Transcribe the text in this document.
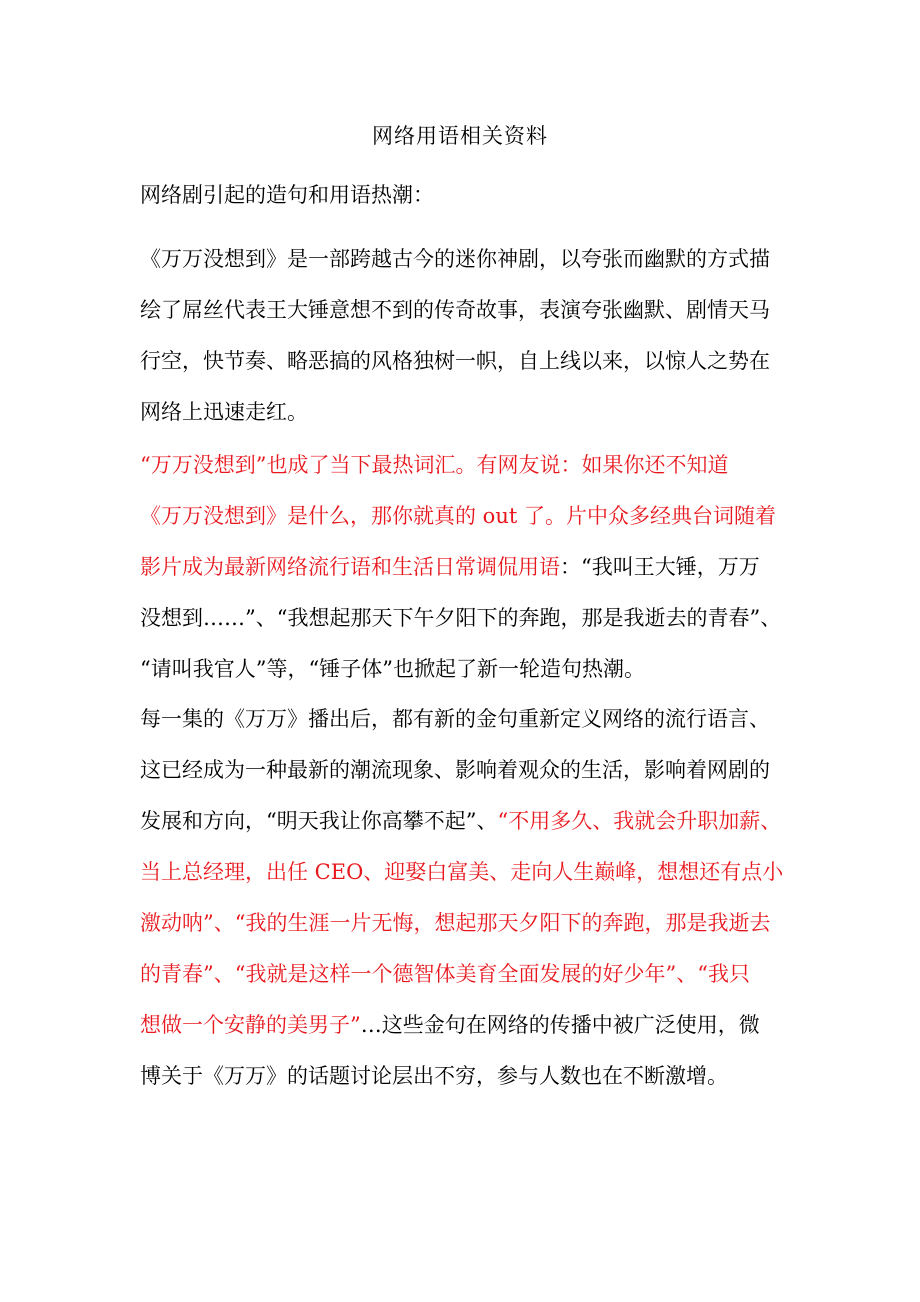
网络用语相关资料

网络剧引起的造句和用语热潮：

《万万没想到》是一部跨越古今的迷你神剧，以夸张而幽默的方式描
绘了屌丝代表王大锤意想不到的传奇故事，表演夸张幽默、剧情天马
行空，快节奏、略恶搞的风格独树一帜，自上线以来，以惊人之势在
网络上迅速走红。

“万万没想到”也成了当下最热词汇。有网友说：如果你还不知道
《万万没想到》是什么，那你就真的 out 了。片中众多经典台词随着
影片成为最新网络流行语和生活日常调侃用语：“我叫王大锤，万万
没想到……”、“我想起那天下午夕阳下的奔跑，那是我逝去的青春”、
“请叫我官人”等，“锤子体”也掀起了新一轮造句热潮。

每一集的《万万》播出后，都有新的金句重新定义网络的流行语言、
这已经成为一种最新的潮流现象、影响着观众的生活，影响着网剧的
发展和方向，“明天我让你高攀不起”、“不用多久、我就会升职加薪、
当上总经理，出任 CEO、迎娶白富美、走向人生巅峰，想想还有点小
激动呐”、“我的生涯一片无悔，想起那天夕阳下的奔跑，那是我逝去
的青春”、“我就是这样一个德智体美育全面发展的好少年”、“我只
想做一个安静的美男子”…这些金句在网络的传播中被广泛使用，微
博关于《万万》的话题讨论层出不穷，参与人数也在不断激增。
